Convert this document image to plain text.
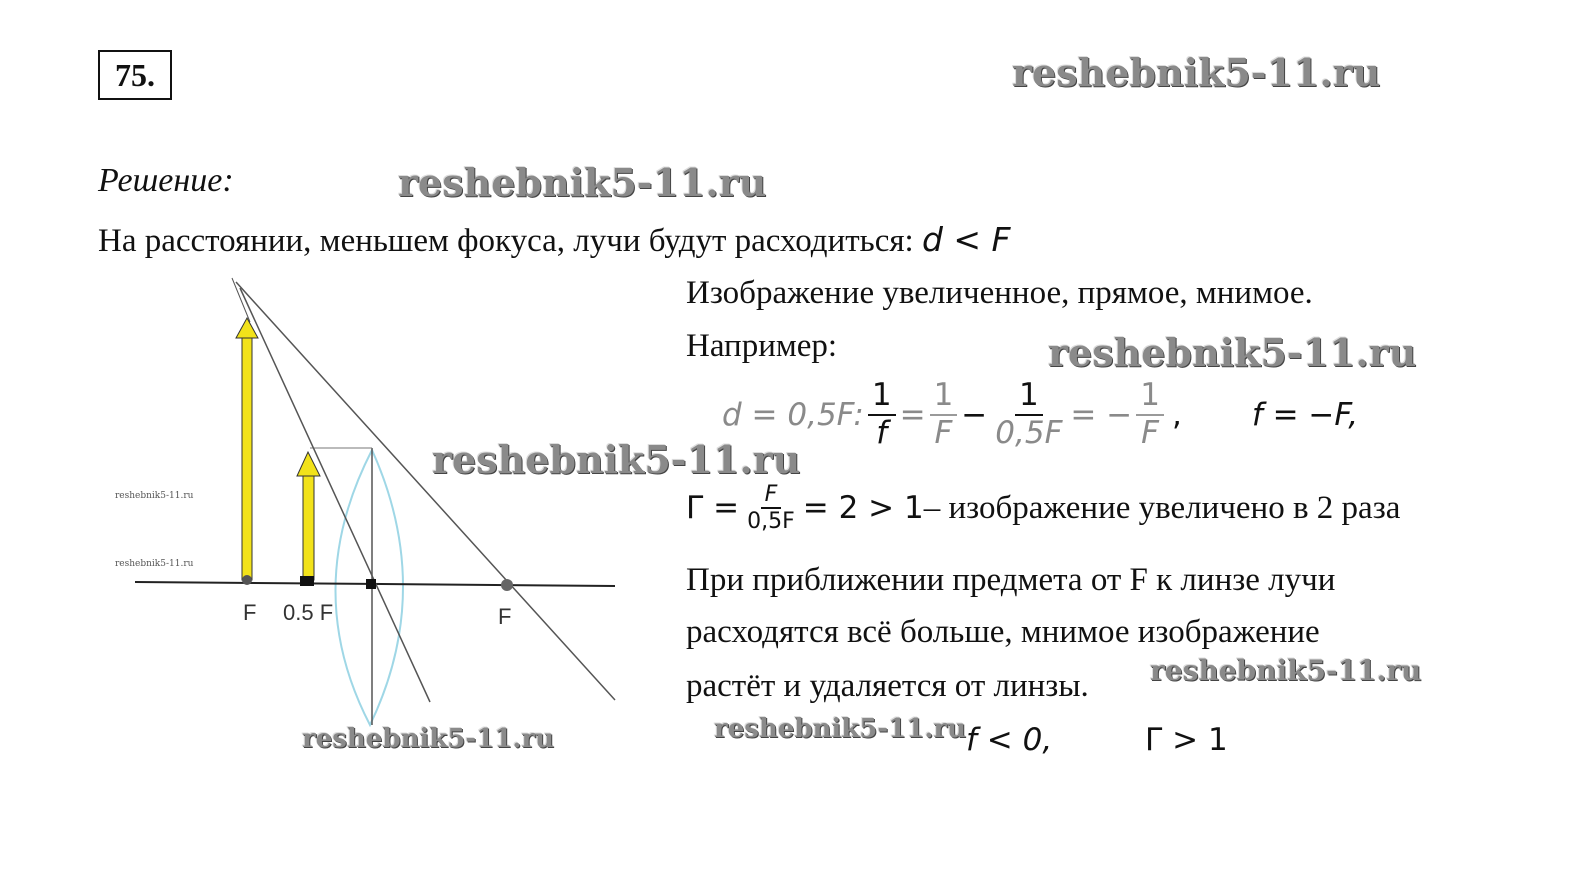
75.	reshebnik5-11.ru
Решение:	reshebnik5-11.ru
На расстоянии, меньшем фокуса, лучи будут расходиться: d < F
Изображение увеличенное, прямое, мнимое.
Например:	reshebnik5-11.ru
d = 0,5F: $\frac{1}{f} = \frac{1}{F} - \frac{1}{0,5F}$ = − $\frac{1}{F}$ , f = −F,
reshebnik5-11.ru
$\Gamma = \frac{F}{0,5F} = 2 > 1$ – изображение увеличено в 2 раза
При приближении предмета от F к линзе лучи
расходятся всё больше, мнимое изображение
растёт и удаляется от линзы. reshebnik5-11.ru
reshebnik5-11.ru f < 0,	Γ > 1
F 0.5 F	F
reshebnik5-11.ru
reshebnik5-11.ru
reshebnik5-11.ru
